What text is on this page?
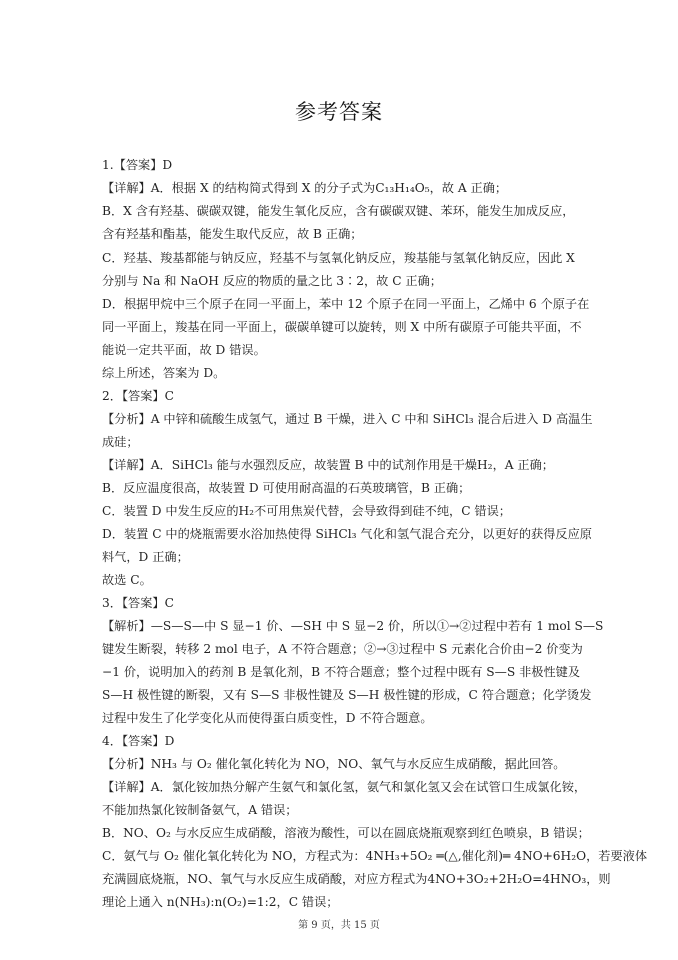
参考答案
1.【答案】D
【详解】A．根据 X 的结构简式得到 X 的分子式为C₁₃H₁₄O₅，故 A 正确；
B．X 含有羟基、碳碳双键，能发生氧化反应，含有碳碳双键、苯环，能发生加成反应，
含有羟基和酯基，能发生取代反应，故 B 正确；
C．羟基、羧基都能与钠反应，羟基不与氢氧化钠反应，羧基能与氢氧化钠反应，因此 X
分别与 Na 和 NaOH 反应的物质的量之比 3∶2，故 C 正确；
D．根据甲烷中三个原子在同一平面上，苯中 12 个原子在同一平面上，乙烯中 6 个原子在
同一平面上，羧基在同一平面上，碳碳单键可以旋转，则 X 中所有碳原子可能共平面，不
能说一定共平面，故 D 错误。
综上所述，答案为 D。
2．【答案】C
【分析】A 中锌和硫酸生成氢气，通过 B 干燥，进入 C 中和 SiHCl₃ 混合后进入 D 高温生
成硅；
【详解】A．SiHCl₃ 能与水强烈反应，故装置 B 中的试剂作用是干燥H₂，A 正确；
B．反应温度很高，故装置 D 可使用耐高温的石英玻璃管，B 正确；
C．装置 D 中发生反应的H₂不可用焦炭代替，会导致得到硅不纯，C 错误；
D．装置 C 中的烧瓶需要水浴加热使得 SiHCl₃ 气化和氢气混合充分，以更好的获得反应原
料气，D 正确；
故选 C。
3．【答案】C
【解析】—S—S—中 S 显−1 价、—SH 中 S 显−2 价，所以①→②过程中若有 1 mol S—S
键发生断裂，转移 2 mol 电子，A 不符合题意；②→③过程中 S 元素化合价由−2 价变为
−1 价，说明加入的药剂 B 是氧化剂，B 不符合题意；整个过程中既有 S—S 非极性键及
S—H 极性键的断裂，又有 S—S 非极性键及 S—H 极性键的形成，C 符合题意；化学烫发
过程中发生了化学变化从而使得蛋白质变性，D 不符合题意。
4．【答案】D
【分析】NH₃ 与 O₂ 催化氧化转化为 NO，NO、氧气与水反应生成硝酸，据此回答。
【详解】A．氯化铵加热分解产生氨气和氯化氢，氨气和氯化氢又会在试管口生成氯化铵，
不能加热氯化铵制备氨气，A 错误；
B．NO、O₂ 与水反应生成硝酸，溶液为酸性，可以在圆底烧瓶观察到红色喷泉，B 错误；
C．氨气与 O₂ 催化氧化转化为 NO，方程式为：4NH₃+5O₂ ═(△,催化剂)═ 4NO+6H₂O，若要液体
充满圆底烧瓶，NO、氧气与水反应生成硝酸，对应方程式为4NO+3O₂+2H₂O=4HNO₃，则
理论上通入 n(NH₃):n(O₂)=1:2，C 错误；
第 9 页，共 15 页
